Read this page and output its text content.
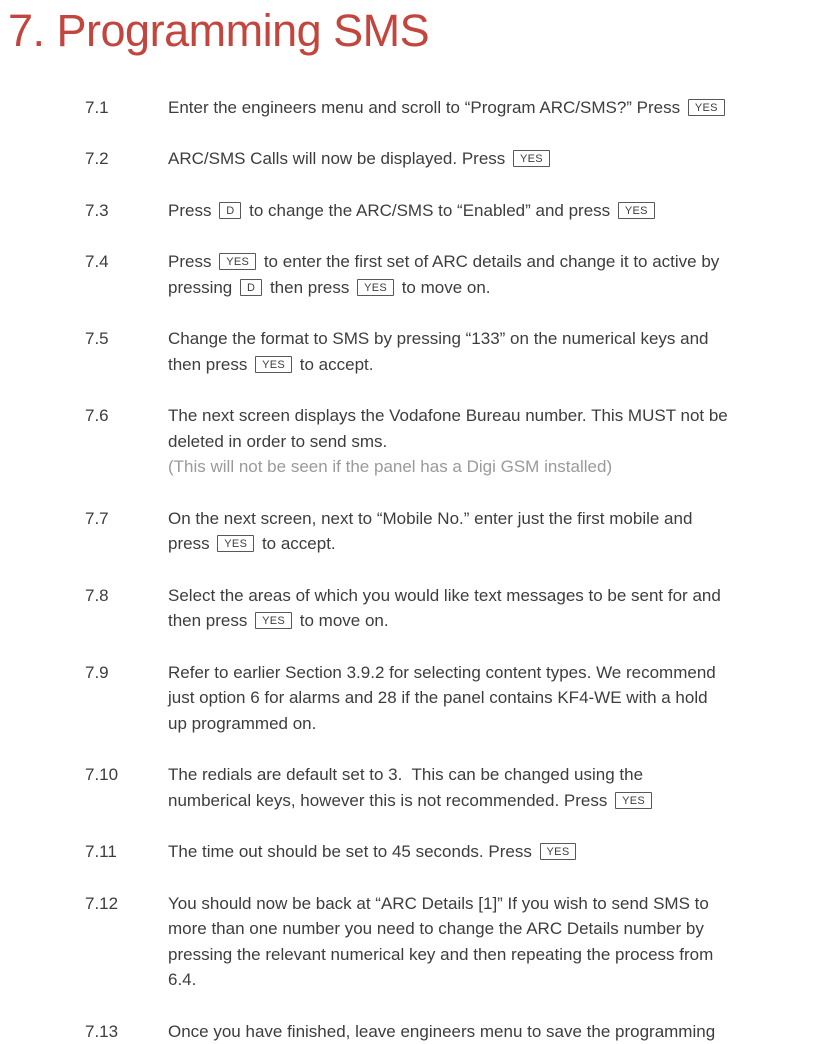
7. Programming SMS
7.1	Enter the engineers menu and scroll to “Program ARC/SMS?” Press YES
7.2	ARC/SMS Calls will now be displayed. Press YES
7.3	Press D to change the ARC/SMS to “Enabled” and press YES
7.4	Press YES to enter the first set of ARC details and change it to active by
pressing D then press YES to move on.
7.5	Change the format to SMS by pressing “133” on the numerical keys and
then press YES to accept.
7.6	The next screen displays the Vodafone Bureau number. This MUST not be
deleted in order to send sms.
(This will not be seen if the panel has a Digi GSM installed)
7.7	On the next screen, next to “Mobile No.” enter just the first mobile and
press YES to accept.
7.8	Select the areas of which you would like text messages to be sent for and
then press YES to move on.
7.9	Refer to earlier Section 3.9.2 for selecting content types. We recommend
just option 6 for alarms and 28 if the panel contains KF4-WE with a hold
up programmed on.
7.10	The redials are default set to 3.  This can be changed using the
numberical keys, however this is not recommended. Press YES
7.11	The time out should be set to 45 seconds. Press YES
7.12	You should now be back at “ARC Details [1]” If you wish to send SMS to
more than one number you need to change the ARC Details number by
pressing the relevant numerical key and then repeating the process from
6.4.
7.13	Once you have finished, leave engineers menu to save the programming
